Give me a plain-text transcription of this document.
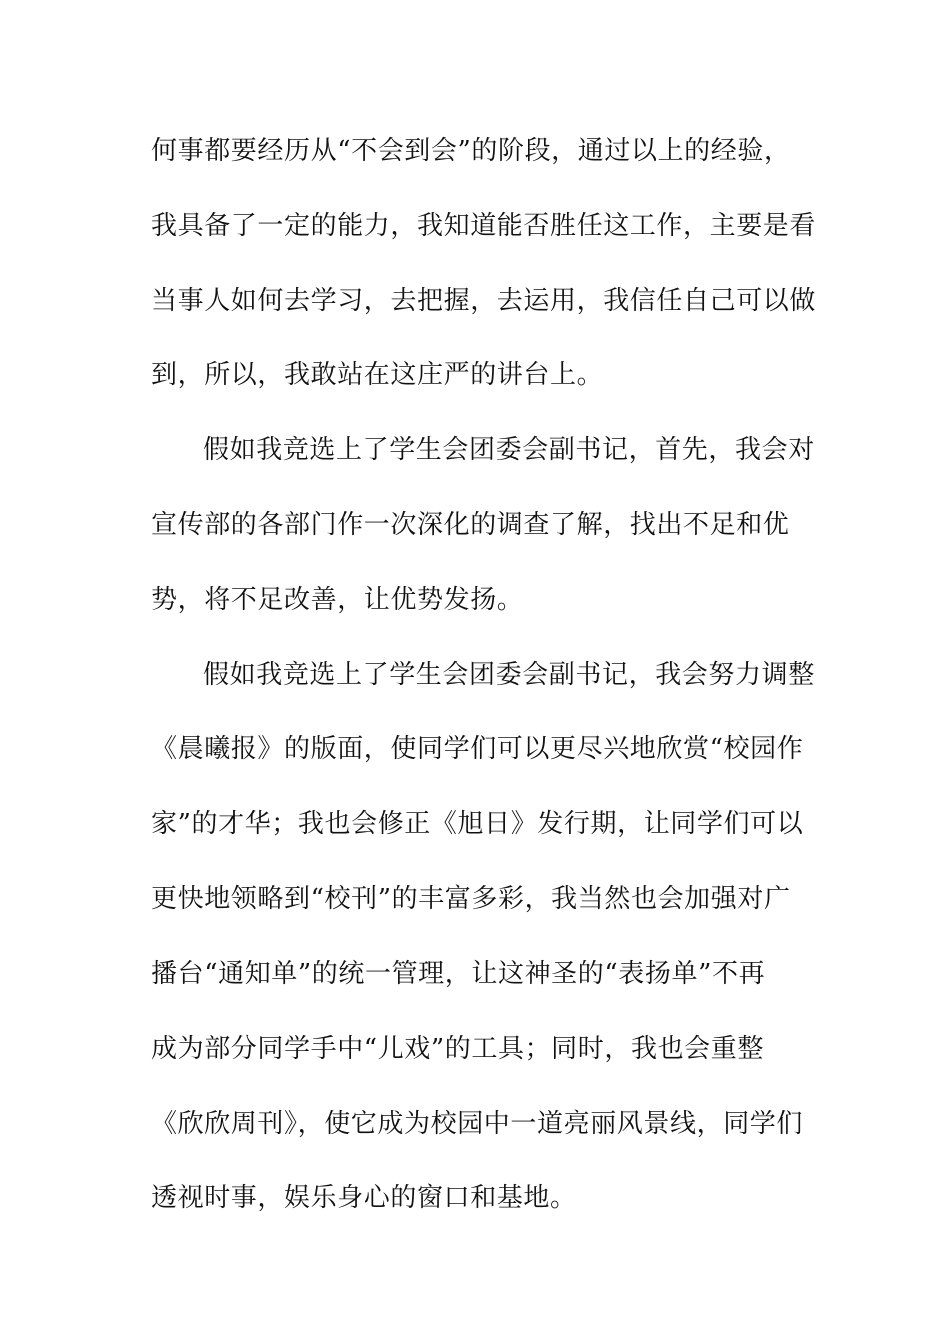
何事都要经历从“不会到会”的阶段，通过以上的经验，
我具备了一定的能力，我知道能否胜任这工作，主要是看
当事人如何去学习，去把握，去运用，我信任自己可以做
到，所以，我敢站在这庄严的讲台上。
假如我竞选上了学生会团委会副书记，首先，我会对
宣传部的各部门作一次深化的调查了解，找出不足和优
势，将不足改善，让优势发扬。
假如我竞选上了学生会团委会副书记，我会努力调整
《晨曦报》的版面，使同学们可以更尽兴地欣赏“校园作
家”的才华；我也会修正《旭日》发行期，让同学们可以
更快地领略到“校刊”的丰富多彩，我当然也会加强对广
播台“通知单”的统一管理，让这神圣的“表扬单”不再
成为部分同学手中“儿戏”的工具；同时，我也会重整
《欣欣周刊》，使它成为校园中一道亮丽风景线，同学们
透视时事，娱乐身心的窗口和基地。
